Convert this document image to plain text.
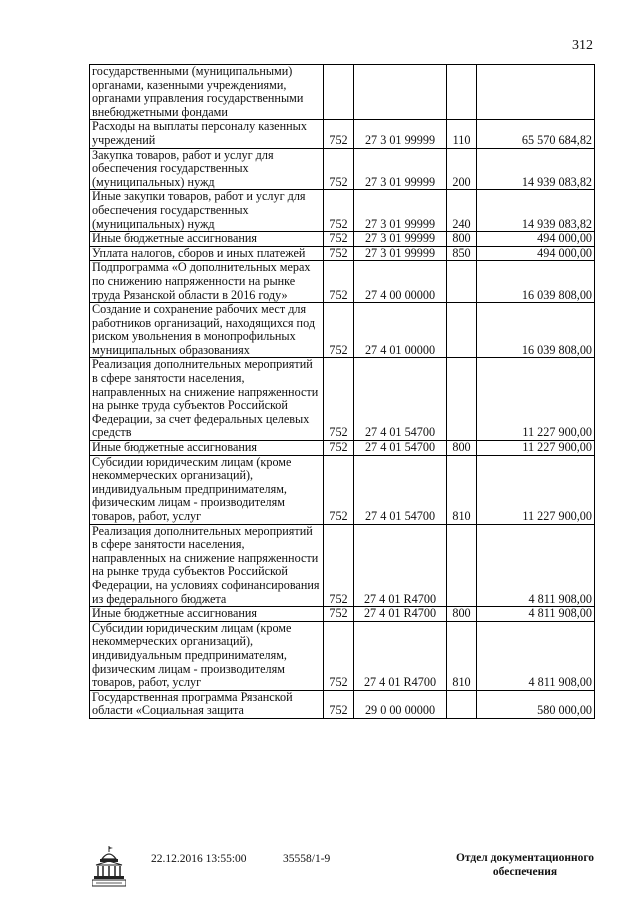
312
государственными (муниципальными) органами, казенными учреждениями, органами управления государственными внебюджетными фондами				
Расходы на выплаты персоналу казенных учреждений	752	27 3 01 99999	110	65 570 684,82
Закупка товаров, работ и услуг для обеспечения государственных (муниципальных) нужд	752	27 3 01 99999	200	14 939 083,82
Иные закупки товаров, работ и услуг для обеспечения государственных (муниципальных) нужд	752	27 3 01 99999	240	14 939 083,82
Иные бюджетные ассигнования	752	27 3 01 99999	800	494 000,00
Уплата налогов, сборов и иных платежей	752	27 3 01 99999	850	494 000,00
Подпрограмма «О дополнительных мерах по снижению напряженности на рынке труда Рязанской области в 2016 году»	752	27 4 00 00000		16 039 808,00
Создание и сохранение рабочих мест для работников организаций, находящихся под риском увольнения в монопрофильных муниципальных образованиях	752	27 4 01 00000		16 039 808,00
Реализация дополнительных мероприятий в сфере занятости населения, направленных на снижение напряженности на рынке труда субъектов Российской Федерации, за счет федеральных целевых средств	752	27 4 01 54700		11 227 900,00
Иные бюджетные ассигнования	752	27 4 01 54700	800	11 227 900,00
Субсидии юридическим лицам (кроме некоммерческих организаций), индивидуальным предпринимателям, физическим лицам - производителям товаров, работ, услуг	752	27 4 01 54700	810	11 227 900,00
Реализация дополнительных мероприятий в сфере занятости населения, направленных на снижение напряженности на рынке труда субъектов Российской Федерации, на условиях софинансирования из федерального бюджета	752	27 4 01 R4700		4 811 908,00
Иные бюджетные ассигнования	752	27 4 01 R4700	800	4 811 908,00
Субсидии юридическим лицам (кроме некоммерческих организаций), индивидуальным предпринимателям, физическим лицам - производителям товаров, работ, услуг	752	27 4 01 R4700	810	4 811 908,00
Государственная программа Рязанской области «Социальная защита	752	29 0 00 00000		580 000,00
22.12.2016 13:55:00	35558/1-9	Отдел документационного
обеспечения
